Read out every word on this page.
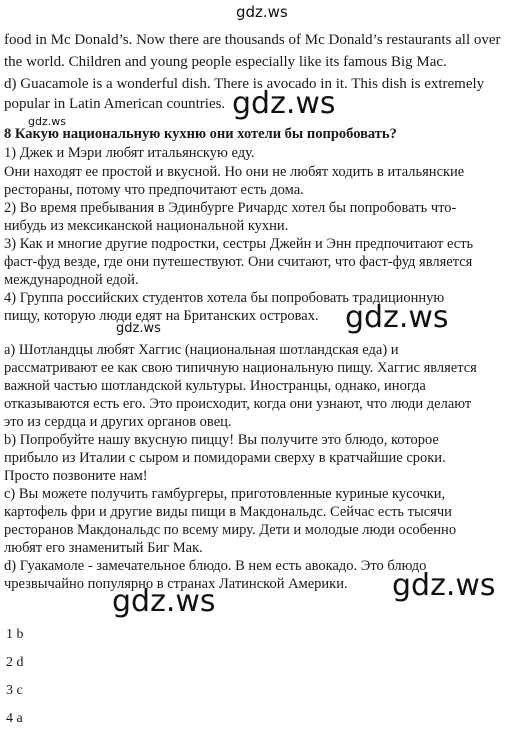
gdz.ws
food in Mc Donald’s. Now there are thousands of Mc Donald’s restaurants all over
the world. Children and young people especially like its famous Big Mac.
d) Guacamole is a wonderful dish. There is avocado in it. This dish is extremely
popular in Latin American countries. gdz.ws
gdz.ws
8 Какую национальную кухню они хотели бы попробовать?
1) Джек и Мэри любят итальянскую еду.
Они находят ее простой и вкусной. Но они не любят ходить в итальянские
рестораны, потому что предпочитают есть дома.
2) Во время пребывания в Эдинбурге Ричардс хотел бы попробовать что-
нибудь из мексиканской национальной кухни.
3) Как и многие другие подростки, сестры Джейн и Энн предпочитают есть
фаст-фуд везде, где они путешествуют. Они считают, что фаст-фуд является
международной едой.
4) Группа российских студентов хотела бы попробовать традиционную
пищу, которую люди едят на Британских островах. gdz.ws
gdz.ws
a) Шотландцы любят Хаггис (национальная шотландская еда) и
рассматривают ее как свою типичную национальную пищу. Хаггис является
важной частью шотландской культуры. Иностранцы, однако, иногда
отказываются есть его. Это происходит, когда они узнают, что люди делают
это из сердца и других органов овец.
b) Попробуйте нашу вкусную пиццу! Вы получите это блюдо, которое
прибыло из Италии с сыром и помидорами сверху в кратчайшие сроки.
Просто позвоните нам!
c) Вы можете получить гамбургеры, приготовленные куриные кусочки,
картофель фри и другие виды пищи в Макдональдс. Сейчас есть тысячи
ресторанов Макдональдс по всему миру. Дети и молодые люди особенно
любят его знаменитый Биг Мак.
d) Гуакамоле - замечательное блюдо. В нем есть авокадо. Это блюдо
чрезвычайно популярно в странах Латинской Америки. gdz.ws
gdz.ws
1 b
2 d
3 c
4 a	gdz.ws
